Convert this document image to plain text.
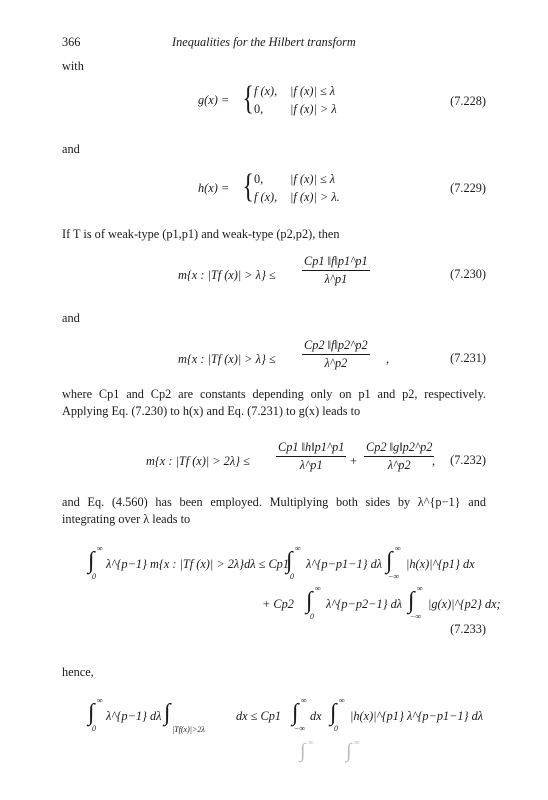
366	Inequalities for the Hilbert transform
with
g(x) = { f (x), |f (x)| ≤ λ
0, |f (x)| > λ
(7.228)
and
h(x) = { 0, |f (x)| ≤ λ
f (x), |f (x)| > λ.
(7.229)
If T is of weak-type (p1,p1) and weak-type (p2,p2), then
m{x : |Tf $(x)| > \lambda\} \le \frac{Cp1 ‖f‖p1\^{}p1}{\lambda\^{}p1}$	(7.230)
and
m{x : |Tf $(x)| > \lambda\} \le \frac{Cp2 ‖f‖p2\^{}p2}{\lambda\^{}p2}$ ,	(7.231)
where Cp1 and Cp2 are constants depending only on p1 and p2, respectively. Applying Eq. (7.230) to h(x) and Eq. (7.231) to g(x) leads to
m{x : |Tf $(x)| > 2\lambda\} \le \frac{Cp1 ‖h‖p1\^{}p1}{\lambda\^{}p1} + \frac{Cp2 ‖g‖p2\^{}p2}{\lambda\^{}p2}$
, (7.232)
and Eq. (4.560) has been employed. Multiplying both sides by λ^{p−1} and integrating over λ leads to
∫ ∞
0
λ^{p−1} m{x : |Tf (x)| > 2λ}dλ ≤ Cp1
∫ ∞
0
λ^{p−p1−1} dλ ∫ ∞
−∞
|h(x)|^{p1} dx
+ Cp2 ∫ ∞
0
λ^{p−p2−1} dλ ∫ ∞
−∞
|g(x)|^{p2} dx;
(7.233)
hence,
∫ ∞
0
λ^{p−1} dλ ∫
|Tf(x)|>2λ
dx ≤ Cp1 ∫ ∞
−∞
dx ∫ ∞
0
|h(x)|^{p1} λ^{p−p1−1} dλ
∫ ∞ ∫ ∞
